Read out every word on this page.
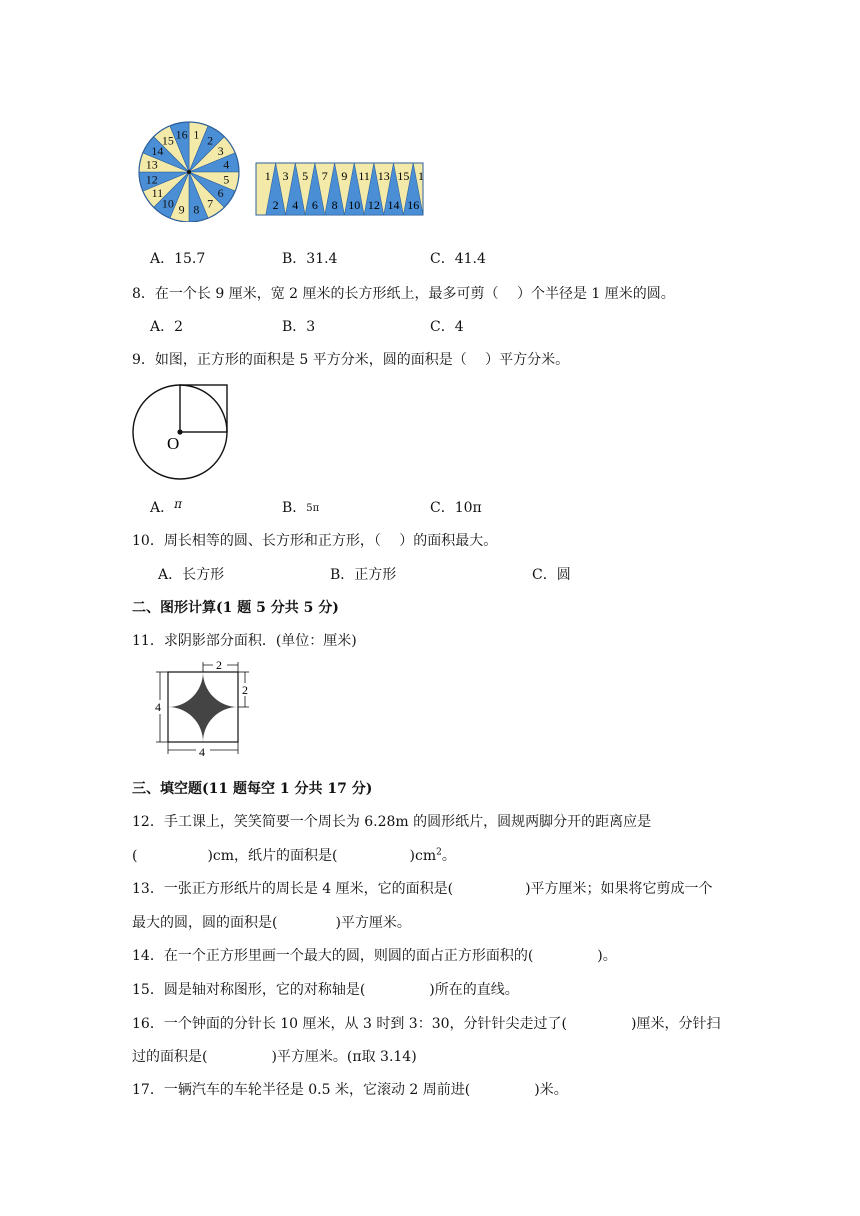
1 2
3
4
5
6
7
8
9
10
11
12
13
14
15 16
2 4 6 8 10 12 14 16
1 3 5 7 9 11 13 15 1
A．15.7	B．31.4	C．41.4
8．在一个长 9 厘米，宽 2 厘米的长方形纸上，最多可剪（　 ）个半径是 1 厘米的圆。
A．2	B．3	C．4
9．如图，正方形的面积是 5 平方分米，圆的面积是（　 ）平方分米。
O
A．π	B．5π	C．10π
10．周长相等的圆、长方形和正方形，（　 ）的面积最大。
A．长方形	B．正方形	C．圆
二、图形计算(1 题 5 分共 5 分)
11．求阴影部分面积．(单位：厘米)
2
2
4
4
三、填空题(11 题每空 1 分共 17 分)
12．手工课上，笑笑简要一个周长为 6.28m 的圆形纸片，圆规两脚分开的距离应是
(	)cm，纸片的面积是(	)$cm^2$。
13．一张正方形纸片的周长是 4 厘米，它的面积是(	)平方厘米；如果将它剪成一个
最大的圆，圆的面积是(	)平方厘米。
14．在一个正方形里画一个最大的圆，则圆的面占正方形面积的(	)。
15．圆是轴对称图形，它的对称轴是(	)所在的直线。
16．一个钟面的分针长 10 厘米，从 3 时到 3：30，分针针尖走过了(	)厘米，分针扫
过的面积是(	)平方厘米。(π取 3.14)
17．一辆汽车的车轮半径是 0.5 米，它滚动 2 周前进(	)米。
